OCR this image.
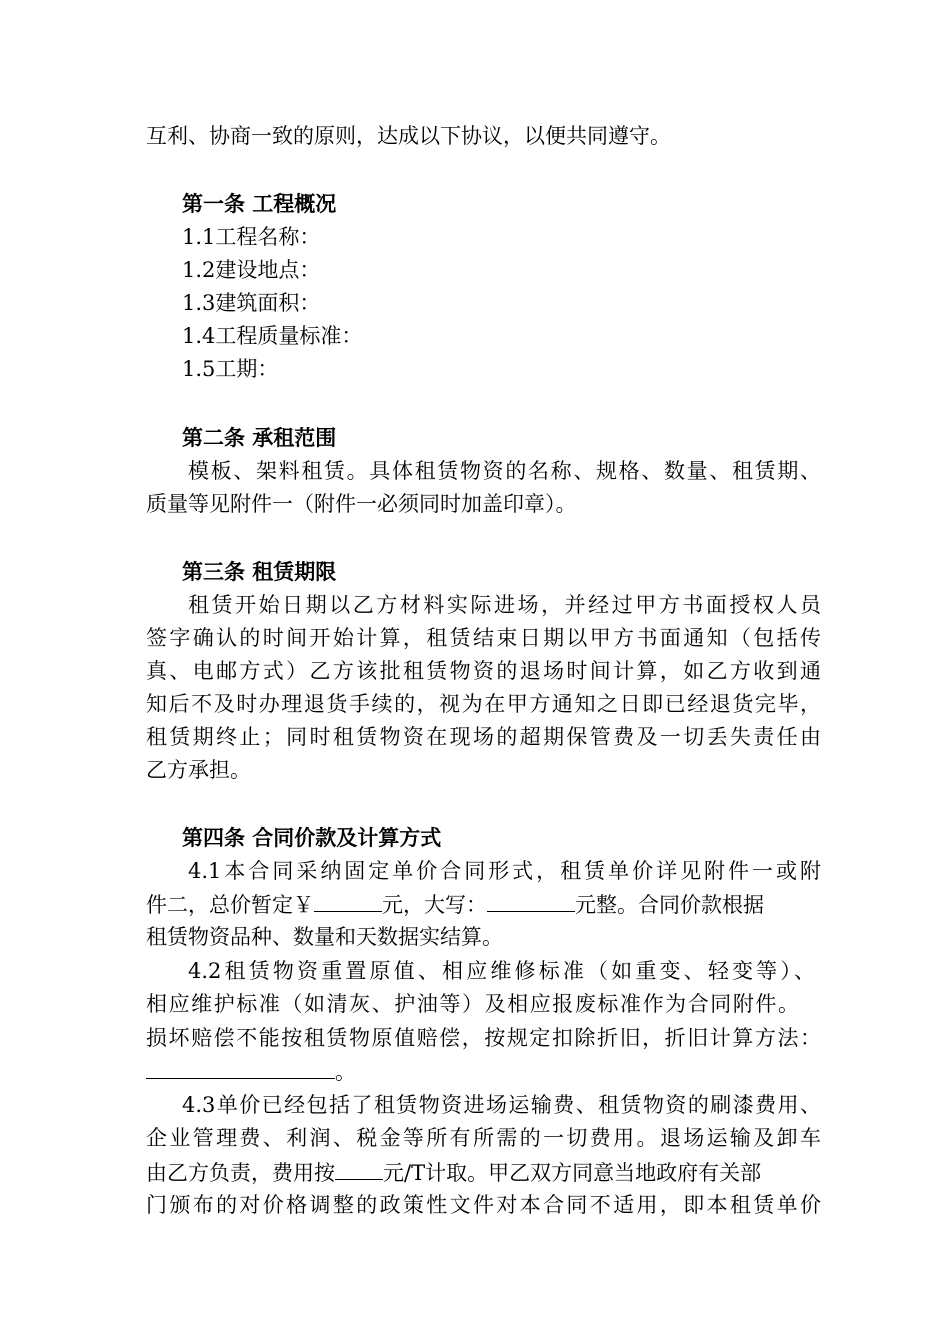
互利、协商一致的原则，达成以下协议，以便共同遵守。
第一条 工程概况
1.1工程名称：
1.2建设地点：
1.3建筑面积：
1.4工程质量标准：
1.5工期：
第二条 承租范围
模板、架料租赁。具体租赁物资的名称、规格、数量、租赁期、
质量等见附件一（附件一必须同时加盖印章）。
第三条 租赁期限
租赁开始日期以乙方材料实际进场，并经过甲方书面授权人员
签字确认的时间开始计算，租赁结束日期以甲方书面通知（包括传
真、电邮方式）乙方该批租赁物资的退场时间计算，如乙方收到通
知后不及时办理退货手续的，视为在甲方通知之日即已经退货完毕，
租赁期终止；同时租赁物资在现场的超期保管费及一切丢失责任由
乙方承担。
第四条 合同价款及计算方式
4.1本合同采纳固定单价合同形式，租赁单价详见附件一或附
件二，总价暂定￥	元，大写：	元整。合同价款根据
租赁物资品种、数量和天数据实结算。
4.2租赁物资重置原值、相应维修标准（如重变、轻变等）、
相应维护标准（如清灰、护油等）及相应报废标准作为合同附件。
损坏赔偿不能按租赁物原值赔偿，按规定扣除折旧，折旧计算方法：
。
4.3单价已经包括了租赁物资进场运输费、租赁物资的刷漆费用、
企业管理费、利润、税金等所有所需的一切费用。退场运输及卸车
由乙方负责，费用按 元/T计取。甲乙双方同意当地政府有关部
门颁布的对价格调整的政策性文件对本合同不适用，即本租赁单价
